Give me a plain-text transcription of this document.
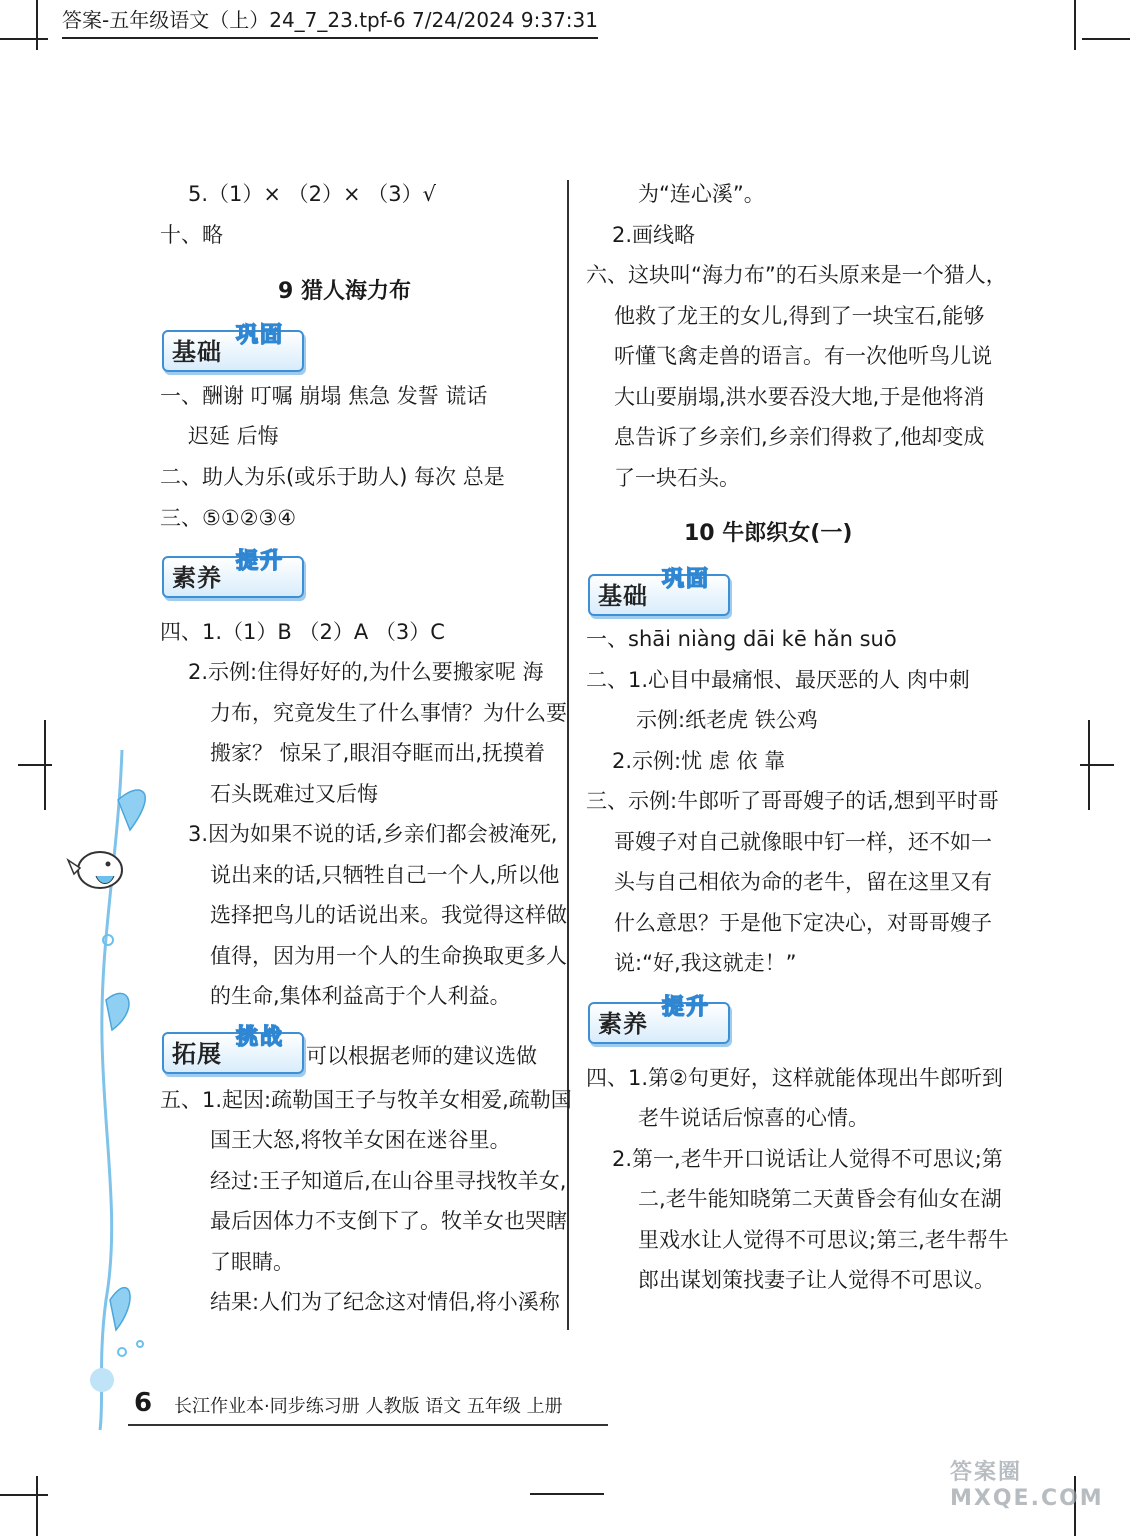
答案-五年级语文（上）24_7_23.tpf-6 7/24/2024 9:37:31
5.（1）× （2）× （3）√
十、略
9 猎人海力布
基础
巩固
一、酬谢 叮嘱 崩塌 焦急 发誓 谎话
迟延 后悔
二、助人为乐(或乐于助人) 每次 总是
三、⑤①②③④
素养
提升
四、1.（1）B （2）A （3）C
2.示例:住得好好的,为什么要搬家呢 海
力布，究竟发生了什么事情？为什么要
搬家？ 惊呆了,眼泪夺眶而出,抚摸着
石头既难过又后悔
3.因为如果不说的话,乡亲们都会被淹死,
说出来的话,只牺牲自己一个人,所以他
选择把鸟儿的话说出来。我觉得这样做
值得，因为用一个人的生命换取更多人
的生命,集体利益高于个人利益。
拓展
挑战
可以根据老师的建议选做
五、1.起因:疏勒国王子与牧羊女相爱,疏勒国
国王大怒,将牧羊女困在迷谷里。
经过:王子知道后,在山谷里寻找牧羊女,
最后因体力不支倒下了。牧羊女也哭瞎
了眼睛。
结果:人们为了纪念这对情侣,将小溪称
为“连心溪”。
2.画线略
六、这块叫“海力布”的石头原来是一个猎人，
他救了龙王的女儿,得到了一块宝石,能够
听懂飞禽走兽的语言。有一次他听鸟儿说
大山要崩塌,洪水要吞没大地,于是他将消
息告诉了乡亲们,乡亲们得救了,他却变成
了一块石头。
10 牛郎织女(一)
基础
巩固
一、shāi niàng dāi kē hǎn suō
二、1.心目中最痛恨、最厌恶的人 肉中刺
示例:纸老虎 铁公鸡
2.示例:忧 虑 依 靠
三、示例:牛郎听了哥哥嫂子的话,想到平时哥
哥嫂子对自己就像眼中钉一样，还不如一
头与自己相依为命的老牛，留在这里又有
什么意思？于是他下定决心，对哥哥嫂子
说:“好,我这就走！”
素养
提升
四、1.第②句更好，这样就能体现出牛郎听到
老牛说话后惊喜的心情。
2.第一,老牛开口说话让人觉得不可思议;第
二,老牛能知晓第二天黄昏会有仙女在湖
里戏水让人觉得不可思议;第三,老牛帮牛
郎出谋划策找妻子让人觉得不可思议。
6 长江作业本·同步练习册 人教版 语文 五年级 上册
答案圈 MXQE.COM
